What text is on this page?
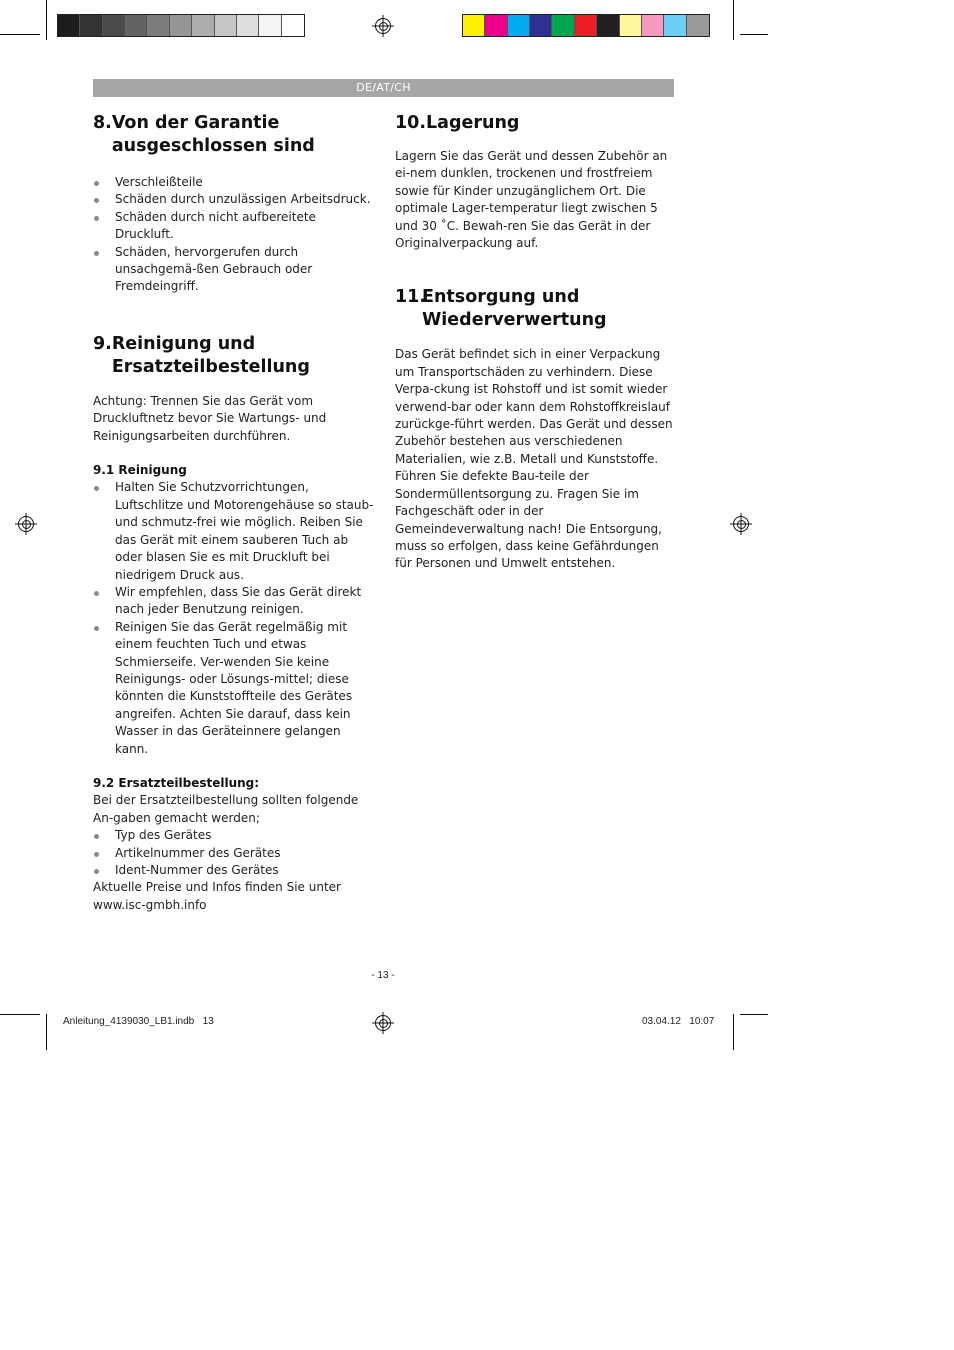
DE/AT/CH
8. Von der Garantie
ausgeschlossen sind
Verschleißteile
Schäden durch unzulässigen Arbeitsdruck.
Schäden durch nicht aufbereitete Druckluft.
Schäden, hervorgerufen durch unsachgemä-ßen Gebrauch oder Fremdeingriff.
9. Reinigung und
Ersatzteilbestellung

Achtung: Trennen Sie das Gerät vom Druckluftnetz bevor Sie Wartungs- und Reinigungsarbeiten durchführen.

9.1 Reinigung
Halten Sie Schutzvorrichtungen, Luftschlitze und Motorengehäuse so staub- und schmutz-frei wie möglich. Reiben Sie das Gerät mit einem sauberen Tuch ab oder blasen Sie es mit Druckluft bei niedrigem Druck aus.
Wir empfehlen, dass Sie das Gerät direkt nach jeder Benutzung reinigen.
Reinigen Sie das Gerät regelmäßig mit einem feuchten Tuch und etwas Schmierseife. Ver-wenden Sie keine Reinigungs- oder Lösungs-mittel; diese könnten die Kunststoffteile des Gerätes angreifen. Achten Sie darauf, dass kein Wasser in das Geräteinnere gelangen kann.
9.2 Ersatzteilbestellung:

Bei der Ersatzteilbestellung sollten folgende An-gaben gemacht werden;

Typ des Gerätes
Artikelnummer des Gerätes
Ident-Nummer des Gerätes

Aktuelle Preise und Infos finden Sie unter

www.isc-gmbh.info

10. Lagerung

Lagern Sie das Gerät und dessen Zubehör an ei-nem dunklen, trockenen und frostfreiem sowie für Kinder unzugänglichem Ort. Die optimale Lager-temperatur liegt zwischen 5 und 30 ˚C. Bewah-ren Sie das Gerät in der Originalverpackung auf.

11.
Entsorgung und
Wiederverwertung

Das Gerät befindet sich in einer Verpackung um Transportschäden zu verhindern. Diese Verpa-ckung ist Rohstoff und ist somit wieder verwend-bar oder kann dem Rohstoffkreislauf zurückge-führt werden. Das Gerät und dessen Zubehör bestehen aus verschiedenen Materialien, wie z.B. Metall und Kunststoffe. Führen Sie defekte Bau-teile der Sondermüllentsorgung zu. Fragen Sie im Fachgeschäft oder in der Gemeindeverwaltung nach! Die Entsorgung, muss so erfolgen, dass keine Gefährdungen für Personen und Umwelt entstehen.

- 13 -
Anleitung_4139030_LB1.indb   13	03.04.12   10:07
